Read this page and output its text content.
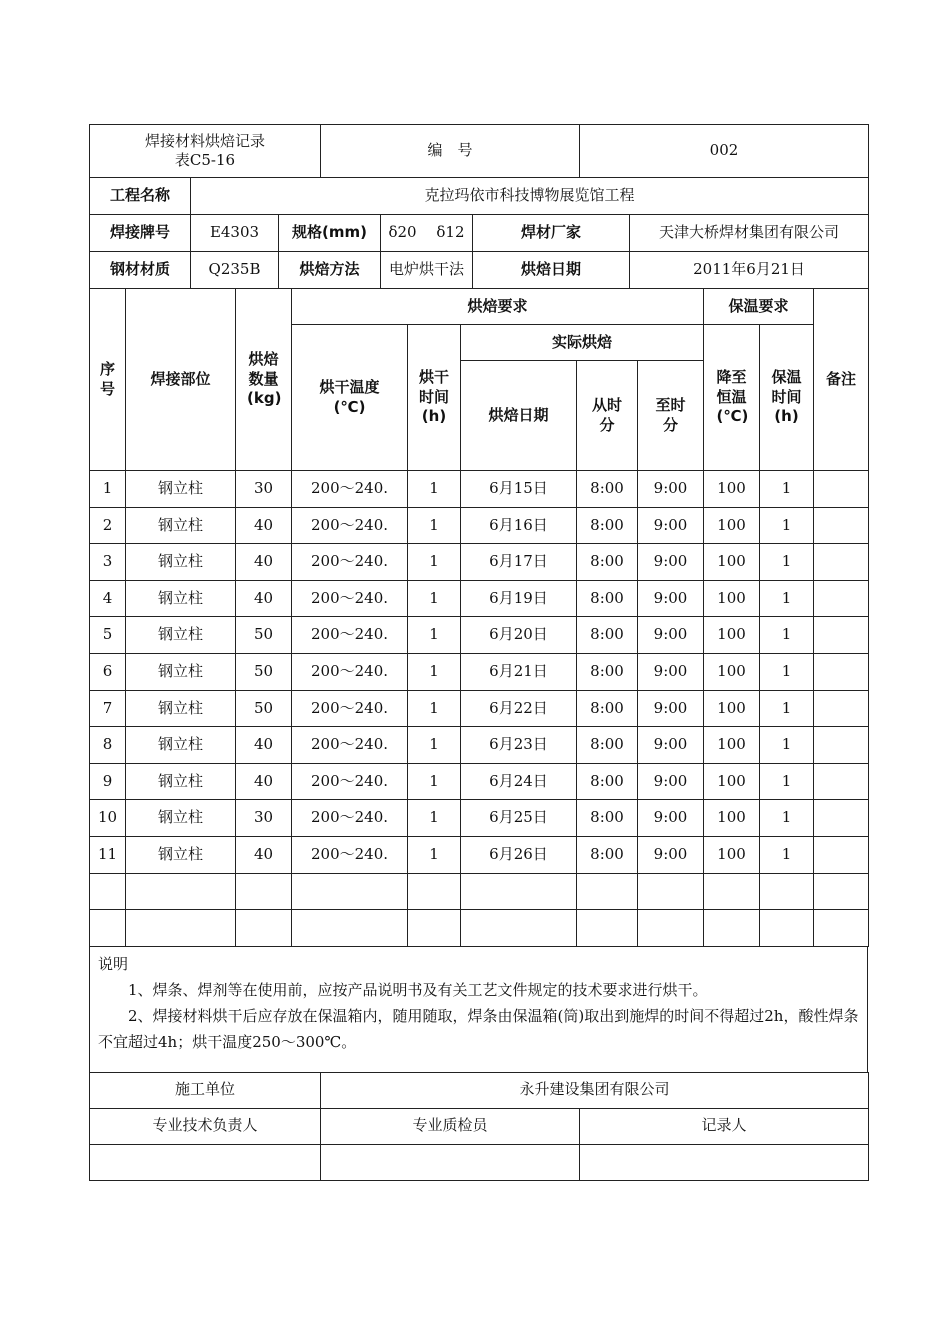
焊接材料烘焙记录
表C5-16
	编　号	002
工程名称	克拉玛依市科技博物展览馆工程				
焊接牌号	E4303	规格(mm)	δ20　 δ12	焊材厂家	天津大桥焊材集团有限公司
钢材材质	Q235B	烘焙方法	电炉烘干法	烘焙日期	2011年6月21日
序号	焊接部位	烘焙数量(kg)	烘焙要求					保温要求		备注

			烘干温度(℃)	烘干时间(h)	实际烘焙			降至恒温(℃)	保温时间(h)	

					烘焙日期	从时分	至时分			

1	钢立柱	30	200～240.	1	6月15日	8:00	9:00	100	1	
2	钢立柱	40	200～240.	1	6月16日	8:00	9:00	100	1	
3	钢立柱	40	200～240.	1	6月17日	8:00	9:00	100	1	
4	钢立柱	40	200～240.	1	6月19日	8:00	9:00	100	1	
5	钢立柱	50	200～240.	1	6月20日	8:00	9:00	100	1	
6	钢立柱	50	200～240.	1	6月21日	8:00	9:00	100	1	
7	钢立柱	50	200～240.	1	6月22日	8:00	9:00	100	1	
8	钢立柱	40	200～240.	1	6月23日	8:00	9:00	100	1	
9	钢立柱	40	200～240.	1	6月24日	8:00	9:00	100	1	
10	钢立柱	30	200～240.	1	6月25日	8:00	9:00	100	1	
11	钢立柱	40	200～240.	1	6月26日	8:00	9:00	100	1	

说明
1、焊条、焊剂等在使用前，应按产品说明书及有关工艺文件规定的技术要求进行烘干。
2、焊接材料烘干后应存放在保温箱内，随用随取，焊条由保温箱(筒)取出到施焊的时间不得超过2h，酸性焊条不宜超过4h；烘干温度250～300℃。
施工单位	永升建设集团有限公司	
专业技术负责人	专业质检员	记录人
